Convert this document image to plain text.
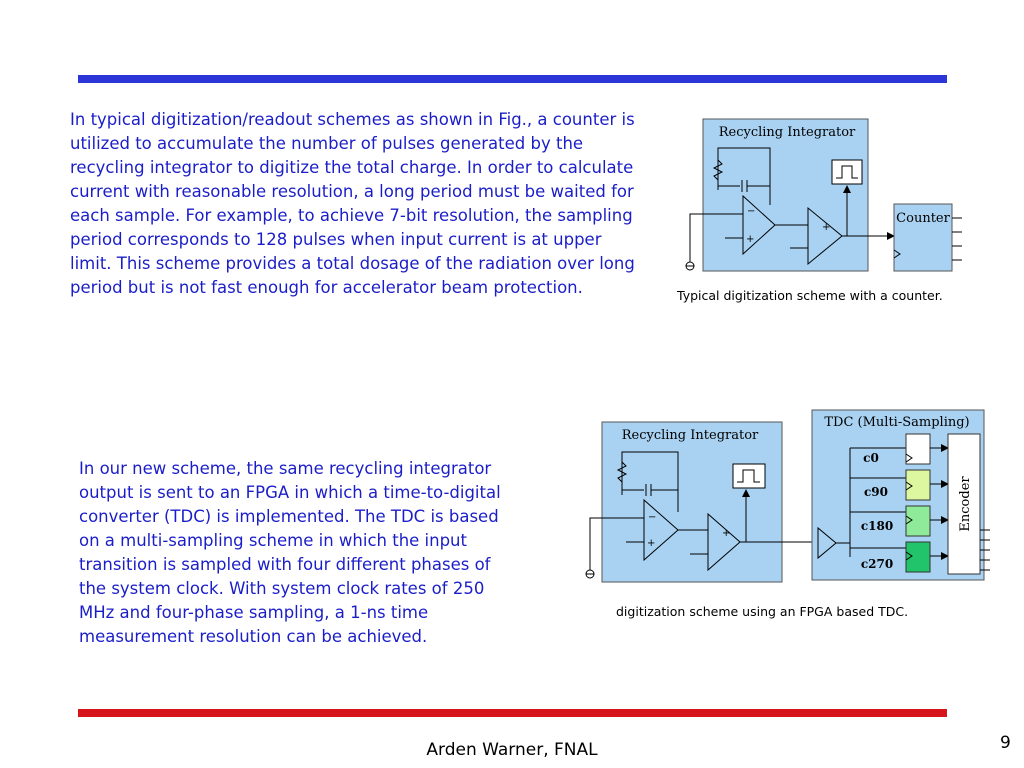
In typical digitization/readout schemes as shown in Fig., a counter is utilized to accumulate the number of pulses generated by the recycling integrator to digitize the total charge. In order to calculate current with reasonable resolution, a long period must be waited for each sample. For example, to achieve 7-bit resolution, the sampling period corresponds to 128 pulses when input current is at upper limit. This scheme provides a total dosage of the radiation over long period but is not fast enough for accelerator beam protection.

Recycling Integrator
−
+
+
Counter
Typical digitization scheme with a counter.

In our new scheme, the same recycling integrator output is sent to an FPGA in which a time-to-digital converter (TDC) is implemented. The TDC is based on a multi-sampling scheme in which the input transition is sampled with four different phases of the system clock. With system clock rates of 250 MHz and four-phase sampling, a 1-ns time measurement resolution can be achieved.

Recycling Integrator
−
+
+
TDC (Multi-Sampling)
c0
c90
c180
c270
Encoder
digitization scheme using an FPGA based TDC.
Arden Warner, FNAL	9
